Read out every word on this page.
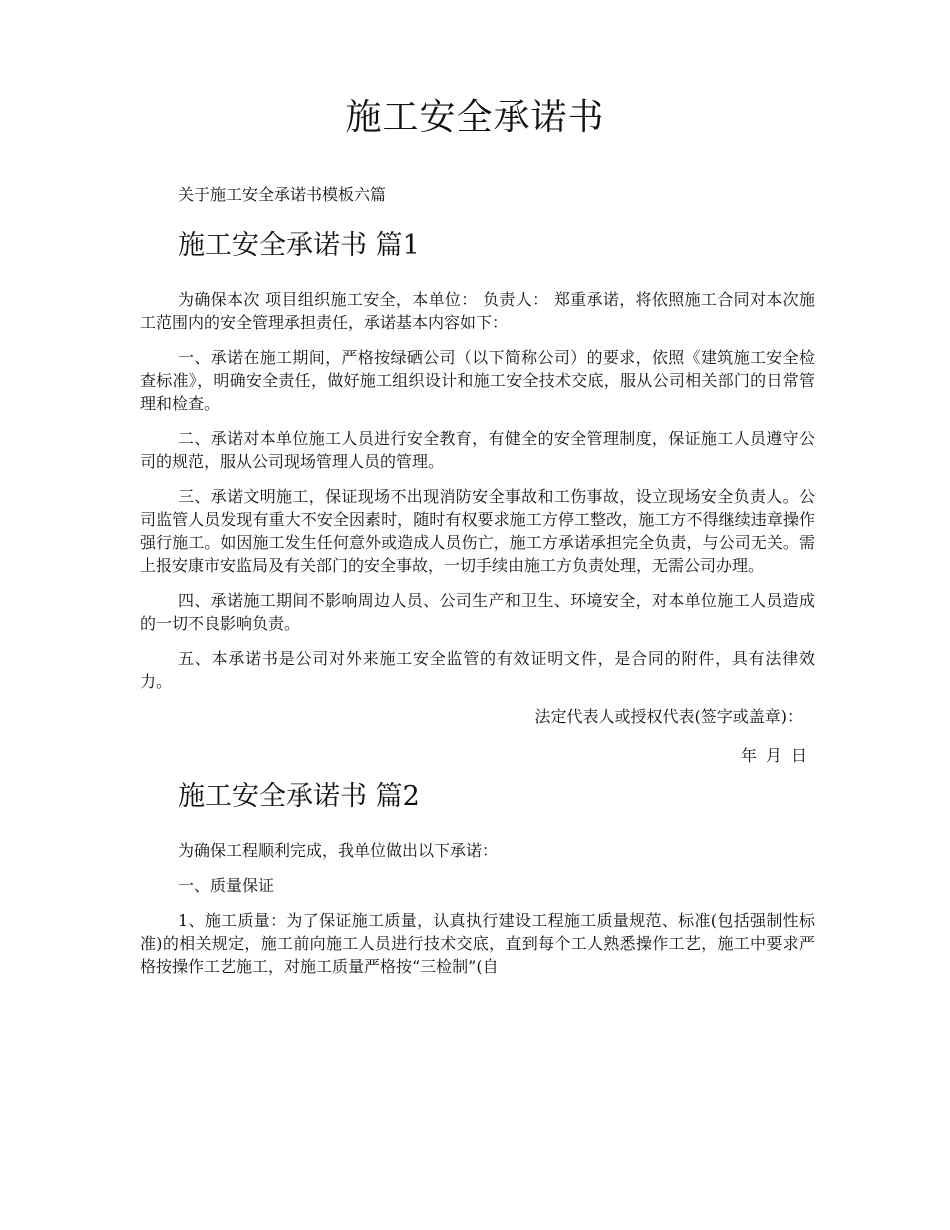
施工安全承诺书

关于施工安全承诺书模板六篇

施工安全承诺书 篇1

为确保本次 项目组织施工安全，本单位： 负责人： 郑重承诺，将依照施工合同对本次施工范围内的安全管理承担责任，承诺基本内容如下：

一、承诺在施工期间，严格按绿硒公司（以下简称公司）的要求，依照《建筑施工安全检查标准》，明确安全责任，做好施工组织设计和施工安全技术交底，服从公司相关部门的日常管理和检查。

二、承诺对本单位施工人员进行安全教育，有健全的安全管理制度，保证施工人员遵守公司的规范，服从公司现场管理人员的管理。

三、承诺文明施工，保证现场不出现消防安全事故和工伤事故，设立现场安全负责人。公司监管人员发现有重大不安全因素时，随时有权要求施工方停工整改，施工方不得继续违章操作强行施工。如因施工发生任何意外或造成人员伤亡，施工方承诺承担完全负责，与公司无关。需上报安康市安监局及有关部门的安全事故，一切手续由施工方负责处理，无需公司办理。

四、承诺施工期间不影响周边人员、公司生产和卫生、环境安全，对本单位施工人员造成的一切不良影响负责。

五、本承诺书是公司对外来施工安全监管的有效证明文件，是合同的附件，具有法律效力。

法定代表人或授权代表(签字或盖章)：

年 月 日

施工安全承诺书 篇2

为确保工程顺利完成，我单位做出以下承诺：

一、质量保证

1、施工质量：为了保证施工质量，认真执行建设工程施工质量规范、标准(包括强制性标准)的相关规定，施工前向施工人员进行技术交底，直到每个工人熟悉操作工艺，施工中要求严格按操作工艺施工，对施工质量严格按“三检制”(自
